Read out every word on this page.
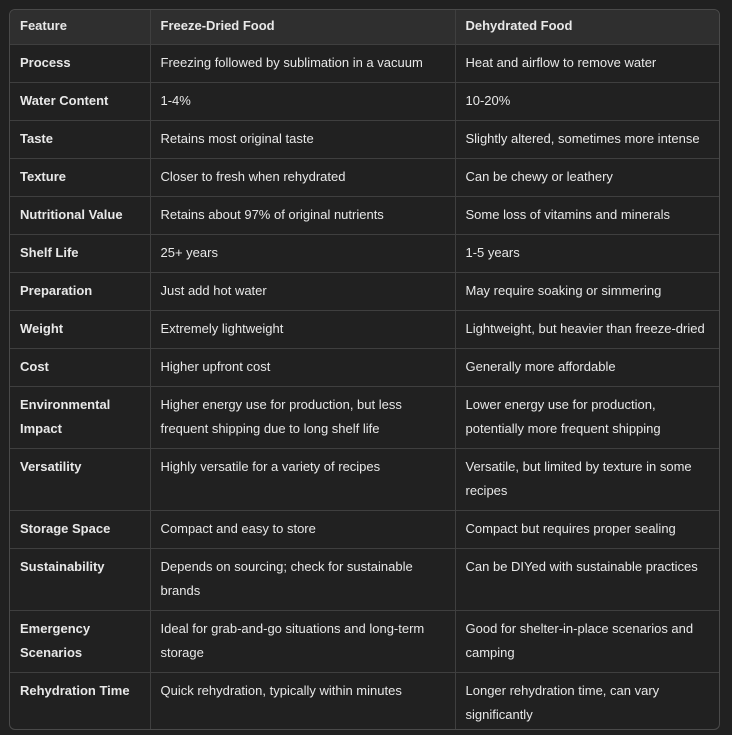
Feature	Freeze-Dried Food	Dehydrated Food
Process	Freezing followed by sublimation in a vacuum	Heat and airflow to remove water
Water Content	1-4%	10-20%
Taste	Retains most original taste	Slightly altered, sometimes more intense
Texture	Closer to fresh when rehydrated	Can be chewy or leathery
Nutritional Value	Retains about 97% of original nutrients	Some loss of vitamins and minerals
Shelf Life	25+ years	1-5 years
Preparation	Just add hot water	May require soaking or simmering
Weight	Extremely lightweight	Lightweight, but heavier than freeze-dried
Cost	Higher upfront cost	Generally more affordable
Environmental Impact	Higher energy use for production, but less frequent shipping due to long shelf life	Lower energy use for production, potentially more frequent shipping
Versatility	Highly versatile for a variety of recipes	Versatile, but limited by texture in some recipes
Storage Space	Compact and easy to store	Compact but requires proper sealing
Sustainability	Depends on sourcing; check for sustainable brands	Can be DIYed with sustainable practices
Emergency Scenarios	Ideal for grab-and-go situations and long-term storage	Good for shelter-in-place scenarios and camping
Rehydration Time	Quick rehydration, typically within minutes	Longer rehydration time, can vary significantly
